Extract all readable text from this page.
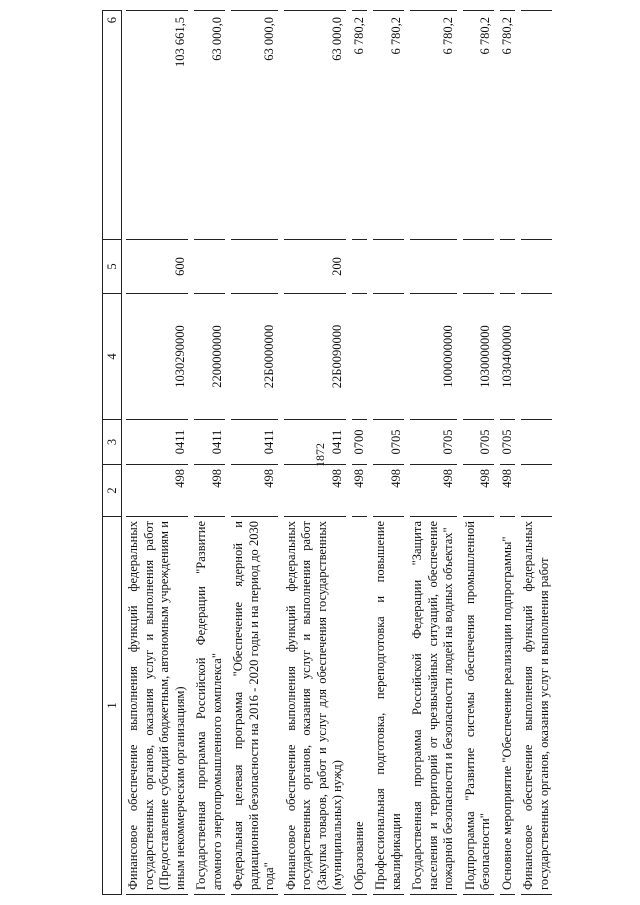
1872
1
2
3
4
5
6
Финансовое обеспечение выполнения функций федеральных государственных органов, оказания услуг и выполнения работ (Предоставление субсидий бюджетным, автономным учреждениям и иным некоммерческим организациям)
498
0411
1030290000
600
103 661,5
Государственная программа Российской Федерации "Развитие атомного энергопромышленного комплекса"
498
0411
2200000000
63 000,0
Федеральная целевая программа "Обеспечение ядерной и радиационной безопасности на 2016 - 2020 годы и на период до 2030 года"
498
0411
22Б0000000
63 000,0
Финансовое обеспечение выполнения функций федеральных государственных органов, оказания услуг и выполнения работ (Закупка товаров, работ и услуг для обеспечения государственных (муниципальных) нужд)
498
0411
22Б0090000
200
63 000,0
Образование
498
0700
6 780,2
Профессиональная подготовка, переподготовка и повышение квалификации
498
0705
6 780,2
Государственная программа Российской Федерации "Защита населения и территорий от чрезвычайных ситуаций, обеспечение пожарной безопасности и безопасности людей на водных объектах"
498
0705
1000000000
6 780,2
Подпрограмма "Развитие системы обеспечения промышленной безопасности"
498
0705
1030000000
6 780,2
Основное мероприятие "Обеспечение реализации подпрограммы"
498
0705
1030400000
6 780,2
Финансовое обеспечение выполнения функций федеральных государственных органов, оказания услуг и выполнения работ
